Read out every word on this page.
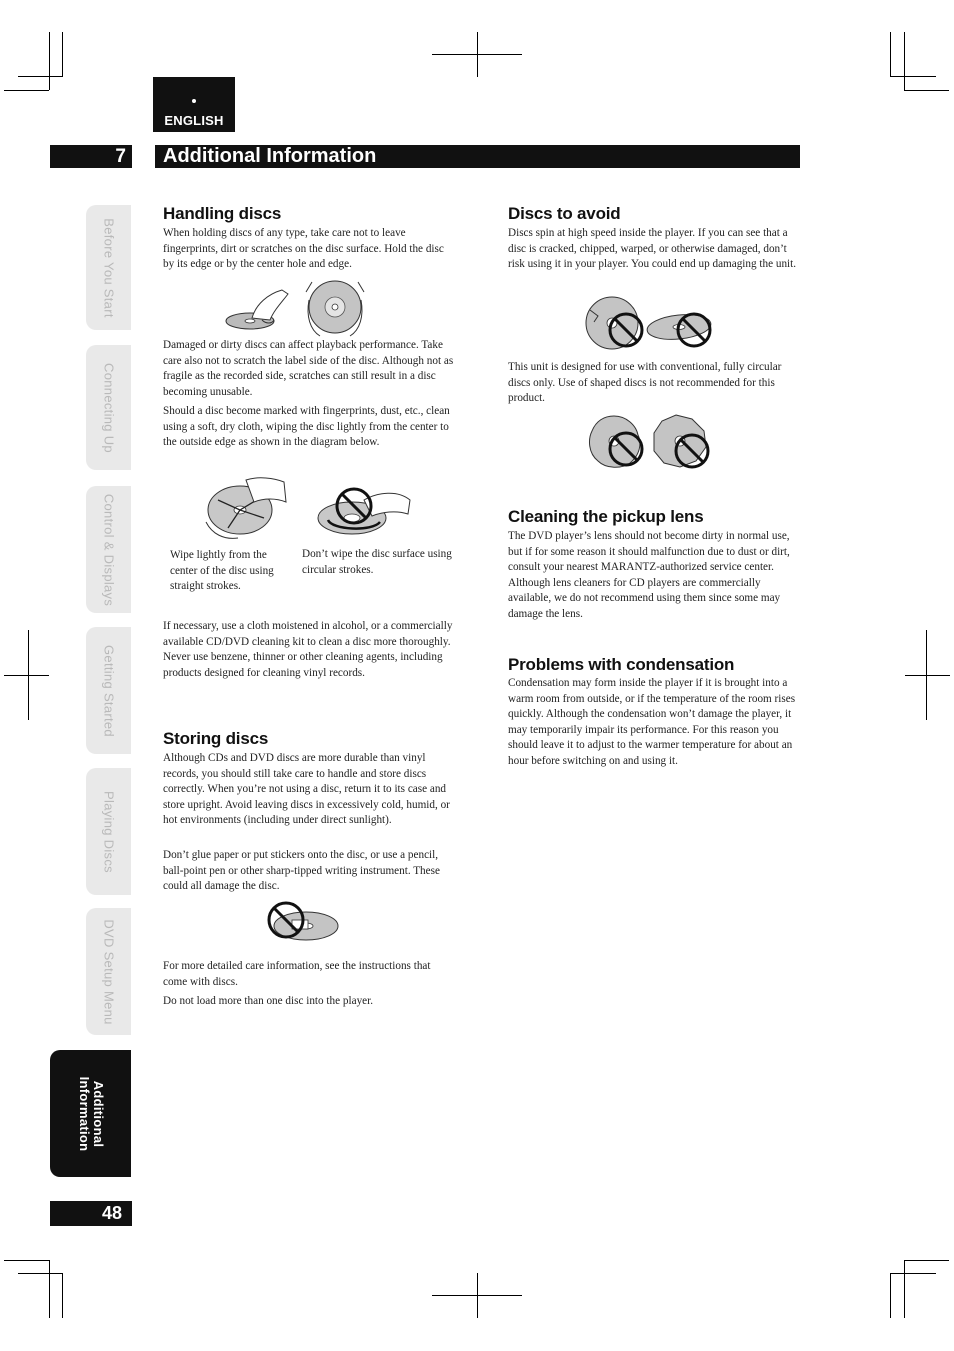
ENGLISH
7	Additional Information
Before You Start
Connecting Up
Control & Displays
Getting Started
Playing Discs
DVD Setup Menu
Additional
Information
48
Handling discs

When holding discs of any type, take care not to leave fingerprints, dirt or scratches on the disc surface. Hold the disc by its edge or by the center hole and edge.

Damaged or dirty discs can affect playback performance. Take care also not to scratch the label side of the disc. Although not as fragile as the recorded side, scratches can still result in a disc becoming unusable.

Should a disc become marked with fingerprints, dust, etc., clean using a soft, dry cloth, wiping the disc lightly from the center to the outside edge as shown in the diagram below.

Wipe lightly from the center of the disc using straight strokes.

Don’t wipe the disc surface using circular strokes.

If necessary, use a cloth moistened in alcohol, or a commercially available CD/DVD cleaning kit to clean a disc more thoroughly. Never use benzene, thinner or other cleaning agents, including products designed for cleaning vinyl records.

Storing discs

Although CDs and DVD discs are more durable than vinyl records, you should still take care to handle and store discs correctly. When you’re not using a disc, return it to its case and store upright. Avoid leaving discs in excessively cold, humid, or hot environments (including under direct sunlight).

Don’t glue paper or put stickers onto the disc, or use a pencil, ball-point pen or other sharp-tipped writing instrument. These could all damage the disc.

For more detailed care information, see the instructions that come with discs.

Do not load more than one disc into the player.

Discs to avoid

Discs spin at high speed inside the player. If you can see that a disc is cracked, chipped, warped, or otherwise damaged, don’t risk using it in your player. You could end up damaging the unit.

This unit is designed for use with conventional, fully circular discs only. Use of shaped discs is not recommended for this product.

Cleaning the pickup lens

The DVD player’s lens should not become dirty in normal use, but if for some reason it should malfunction due to dust or dirt, consult your nearest MARANTZ-authorized service center. Although lens cleaners for CD players are commercially available, we do not recommend using them since some may damage the lens.

Problems with condensation

Condensation may form inside the player if it is brought into a warm room from outside, or if the temperature of the room rises quickly. Although the condensation won’t damage the player, it may temporarily impair its performance. For this reason you should leave it to adjust to the warmer temperature for about an hour before switching on and using it.
